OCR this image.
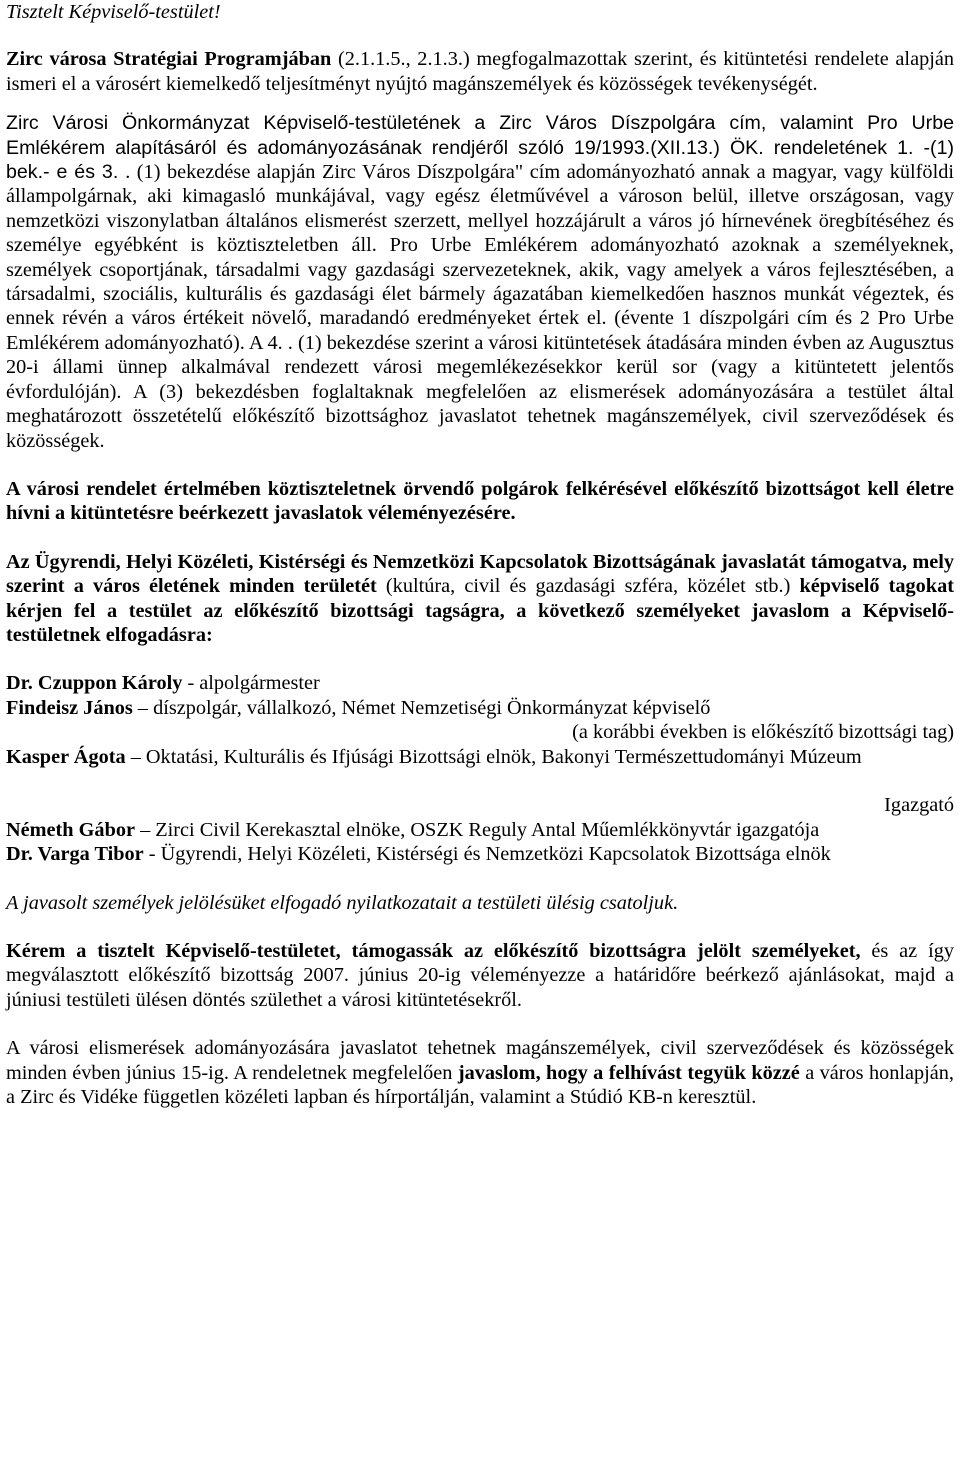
Tisztelt Képviselő-testület!

Zirc városa Stratégiai Programjában (2.1.1.5., 2.1.3.) megfogalmazottak szerint, és kitüntetési rendelete alapján ismeri el a városért kiemelkedő teljesítményt nyújtó magánszemélyek és közösségek tevékenységét.

Zirc Városi Önkormányzat Képviselő-testületének a Zirc Város Díszpolgára cím, valamint Pro Urbe Emlékérem alapításáról és adományozásának rendjéről szóló 19/1993.(XII.13.) ÖK. rendeletének 1. -(1) bek.- e és 3. . (1) bekezdése alapján Zirc Város Díszpolgára" cím adományozható annak a magyar, vagy külföldi állampolgárnak, aki kimagasló munkájával, vagy egész életművével a városon belül, illetve országosan, vagy nemzetközi viszonylatban általános elismerést szerzett, mellyel hozzájárult a város jó hírnevének öregbítéséhez és személye egyébként is köztiszteletben áll. Pro Urbe Emlékérem adományozható azoknak a személyeknek, személyek csoportjának, társadalmi vagy gazdasági szervezeteknek, akik, vagy amelyek a város fejlesztésében, a társadalmi, szociális, kulturális és gazdasági élet bármely ágazatában kiemelkedően hasznos munkát végeztek, és ennek révén a város értékeit növelő, maradandó eredményeket értek el. (évente 1 díszpolgári cím és 2 Pro Urbe Emlékérem adományozható). A 4. . (1) bekezdése szerint a városi kitüntetések átadására minden évben az Augusztus 20-i állami ünnep alkalmával rendezett városi megemlékezésekkor kerül sor (vagy a kitüntetett jelentős évfordulóján). A (3) bekezdésben foglaltaknak megfelelően az elismerések adományozására a testület által meghatározott összetételű előkészítő bizottsághoz javaslatot tehetnek magánszemélyek, civil szerveződések és közösségek.

A városi rendelet értelmében köztiszteletnek örvendő polgárok felkérésével előkészítő bizottságot kell életre hívni a kitüntetésre beérkezett javaslatok véleményezésére.

Az Ügyrendi, Helyi Közéleti, Kistérségi és Nemzetközi Kapcsolatok Bizottságának javaslatát támogatva, mely szerint a város életének minden területét (kultúra, civil és gazdasági szféra, közélet stb.) képviselő tagokat kérjen fel a testület az előkészítő bizottsági tagságra, a következő személyeket javaslom a Képviselő-testületnek elfogadásra:

Dr. Czuppon Károly - alpolgármester

Findeisz János – díszpolgár, vállalkozó, Német Nemzetiségi Önkormányzat képviselő

(a korábbi években is előkészítő bizottsági tag)

Kasper Ágota – Oktatási, Kulturális és Ifjúsági Bizottsági elnök, Bakonyi Természettudományi Múzeum

Igazgató

Németh Gábor – Zirci Civil Kerekasztal elnöke, OSZK Reguly Antal Műemlékkönyvtár igazgatója

Dr. Varga Tibor - Ügyrendi, Helyi Közéleti, Kistérségi és Nemzetközi Kapcsolatok Bizottsága elnök

A javasolt személyek jelölésüket elfogadó nyilatkozatait a testületi ülésig csatoljuk.

Kérem a tisztelt Képviselő-testületet, támogassák az előkészítő bizottságra jelölt személyeket, és az így megválasztott előkészítő bizottság 2007. június 20-ig véleményezze a határidőre beérkező ajánlásokat, majd a júniusi testületi ülésen döntés születhet a városi kitüntetésekről.

A városi elismerések adományozására javaslatot tehetnek magánszemélyek, civil szerveződések és közösségek minden évben június 15-ig. A rendeletnek megfelelően javaslom, hogy a felhívást tegyük közzé a város honlapján, a Zirc és Vidéke független közéleti lapban és hírportálján, valamint a Stúdió KB-n keresztül.
